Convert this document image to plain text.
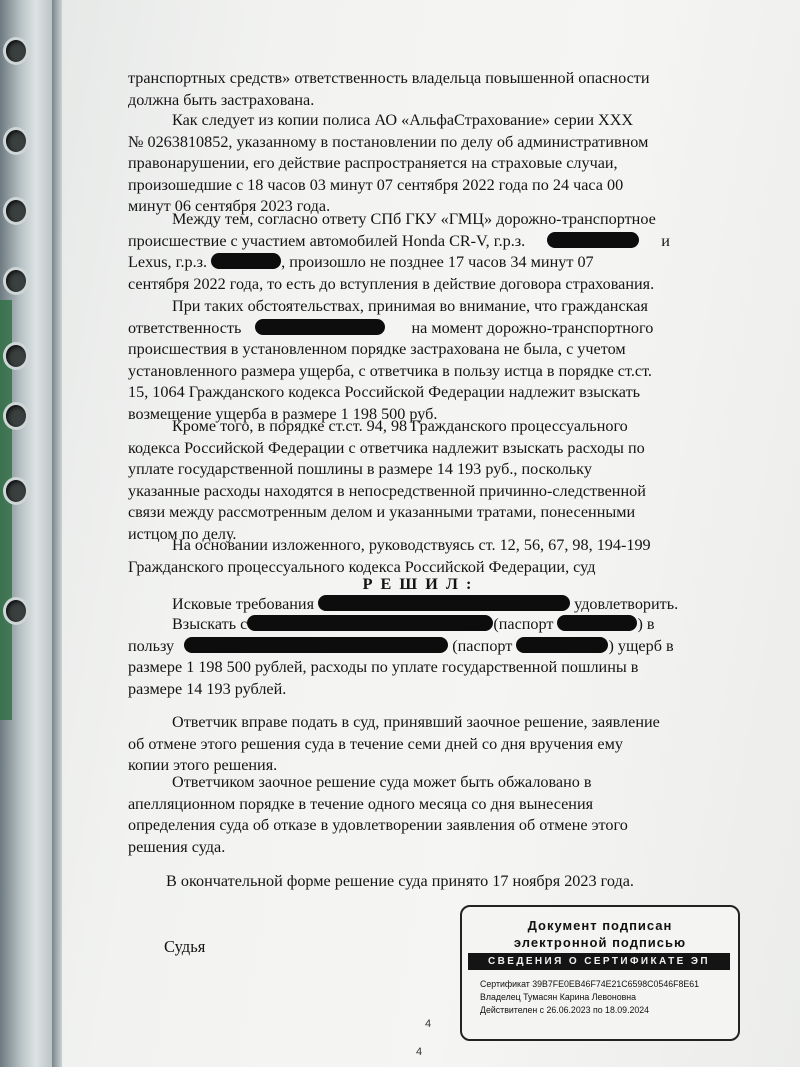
транспортных средств» ответственность владельца повышенной опасности
должна быть застрахована.
Как следует из копии полиса АО «АльфаСтрахование» серии ХХХ
№ 0263810852, указанному в постановлении по делу об административном
правонарушении, его действие распространяется на страховые случаи,
произошедшие с 18 часов 03 минут 07 сентября 2022 года по 24 часа 00
минут 06 сентября 2023 года.
Между тем, согласно ответу СПб ГКУ «ГМЦ» дорожно-транспортное
происшествие с участием автомобилей Honda CR-V, г.р.з.	и
Lexus, г.р.з.	, произошло не позднее 17 часов 34 минут 07
сентября 2022 года, то есть до вступления в действие договора страхования.
При таких обстоятельствах, принимая во внимание, что гражданская
ответственность	на момент дорожно-транспортного
происшествия в установленном порядке застрахована не была, с учетом
установленного размера ущерба, с ответчика в пользу истца в порядке ст.ст.
15, 1064 Гражданского кодекса Российской Федерации надлежит взыскать
возмещение ущерба в размере 1 198 500 руб.
Кроме того, в порядке ст.ст. 94, 98 Гражданского процессуального
кодекса Российской Федерации с ответчика надлежит взыскать расходы по
уплате государственной пошлины в размере 14 193 руб., поскольку
указанные расходы находятся в непосредственной причинно-следственной
связи между рассмотренным делом и указанными тратами, понесенными
истцом по делу.
На основании изложенного, руководствуясь ст. 12, 56, 67, 98, 194-199
Гражданского процессуального кодекса Российской Федерации, суд
Р Е Ш И Л :
Исковые требования	удовлетворить.
Взыскать с	(паспорт	) в
пользу	(паспорт	) ущерб в
размере 1 198 500 рублей, расходы по уплате государственной пошлины в
размере 14 193 рублей.
Ответчик вправе подать в суд, принявший заочное решение, заявление
об отмене этого решения суда в течение семи дней со дня вручения ему
копии этого решения.
Ответчиком заочное решение суда может быть обжаловано в
апелляционном порядке в течение одного месяца со дня вынесения
определения суда об отказе в удовлетворении заявления об отмене этого
решения суда.
В окончательной форме решение суда принято 17 ноября 2023 года.
Судья
Документ подписан
электронной подписью
СВЕДЕНИЯ О СЕРТИФИКАТЕ ЭП
Сертификат 39B7FE0EB46F74E21C6598C0546F8E61
Владелец Тумасян Карина Левоновна
Действителен с 26.06.2023 по 18.09.2024
4
4
